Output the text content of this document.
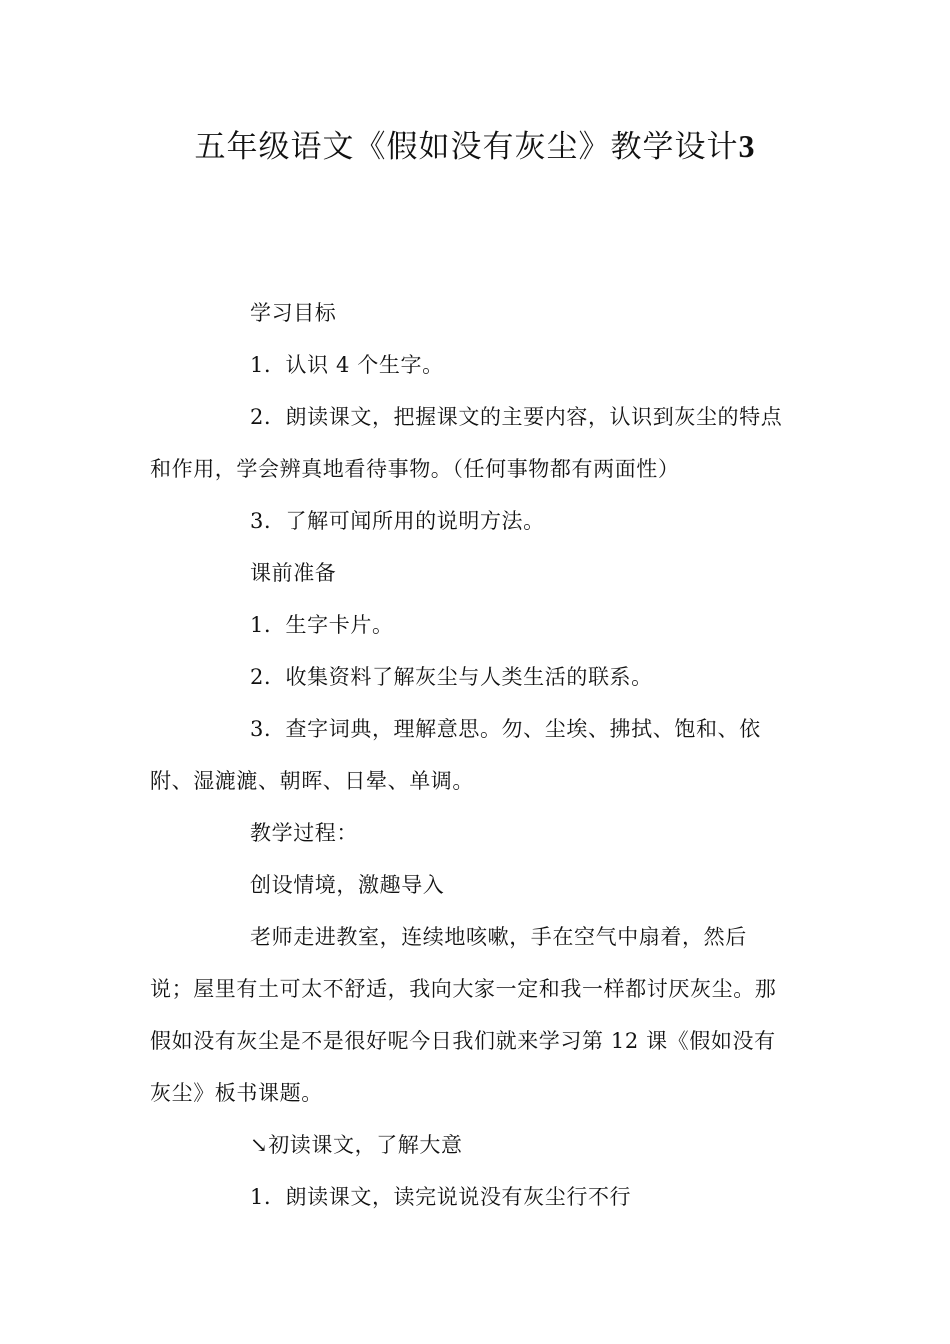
五年级语文《假如没有灰尘》教学设计3

学习目标

1．认识 4 个生字。

2．朗读课文，把握课文的主要内容，认识到灰尘的特点

和作用，学会辨真地看待事物。（任何事物都有两面性）

3．了解可闻所用的说明方法。

课前准备

1．生字卡片。

2．收集资料了解灰尘与人类生活的联系。

3．查字词典，理解意思。勿、尘埃、拂拭、饱和、依

附、湿漉漉、朝晖、日晕、单调。

教学过程：

创设情境，激趣导入

老师走进教室，连续地咳嗽，手在空气中扇着，然后

说；屋里有土可太不舒适，我向大家一定和我一样都讨厌灰尘。那

假如没有灰尘是不是很好呢今日我们就来学习第 12 课《假如没有

灰尘》板书课题。

↘初读课文，了解大意

1．朗读课文，读完说说没有灰尘行不行
